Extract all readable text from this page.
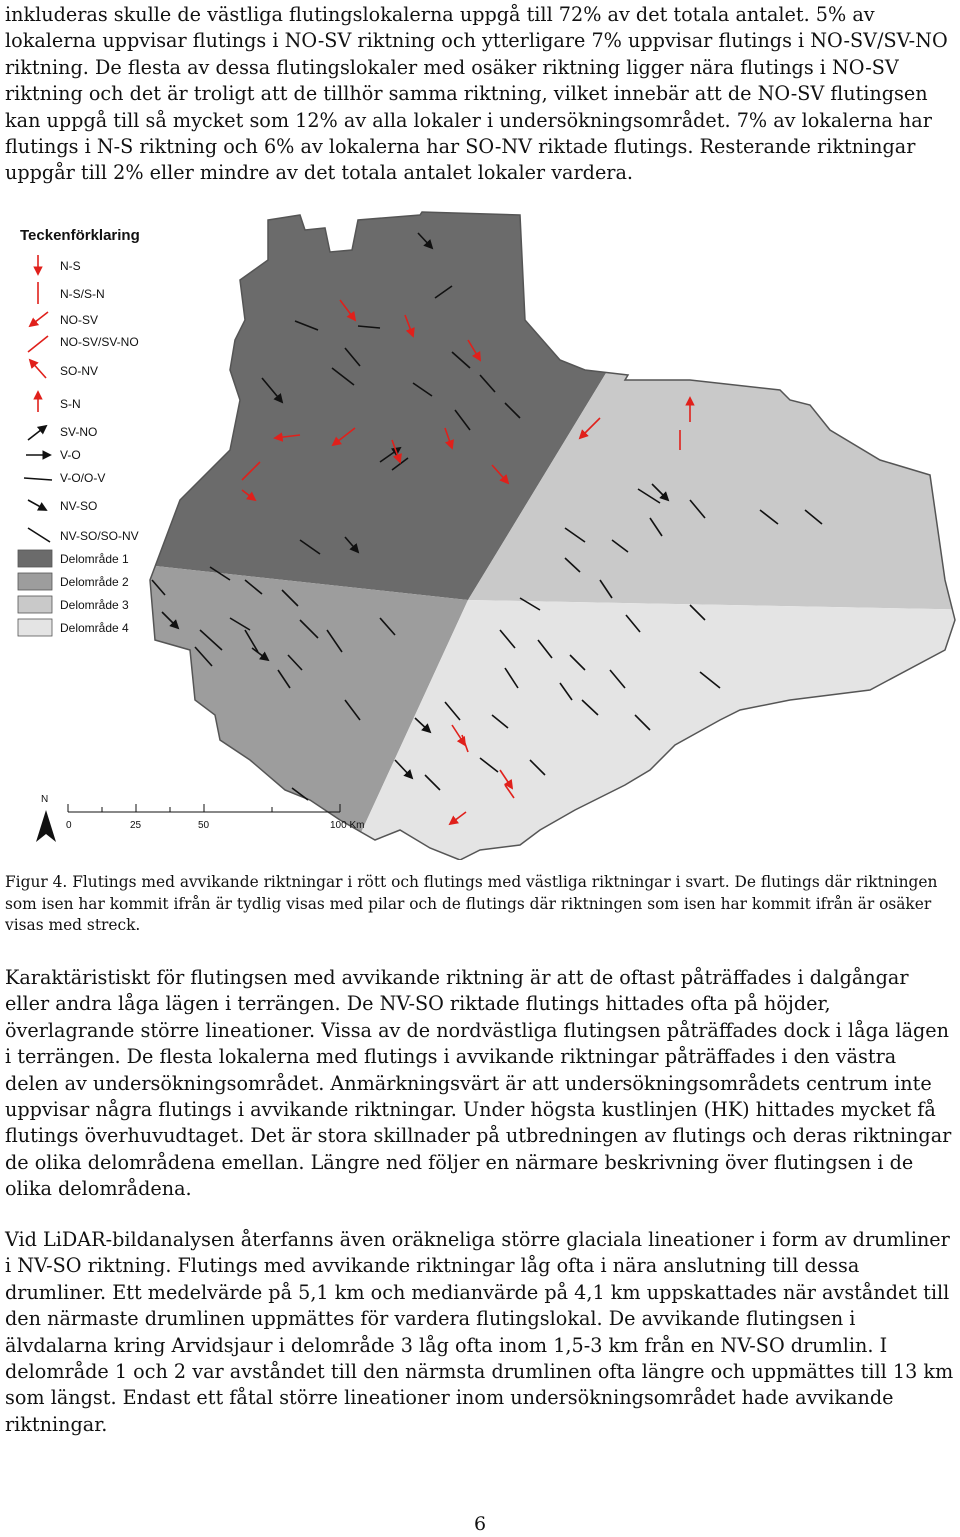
inkluderas skulle de västliga flutingslokalerna uppgå till 72% av det totala antalet. 5% av lokalerna uppvisar flutings i NO-SV riktning och ytterligare 7% uppvisar flutings i NO-SV/SV-NO riktning. De flesta av dessa flutingslokaler med osäker riktning ligger nära flutings i NO-SV riktning och det är troligt att de tillhör samma riktning, vilket innebär att de NO-SV flutingsen kan uppgå till så mycket som 12% av alla lokaler i undersökningsområdet. 7% av lokalerna har flutings i N-S riktning och 6% av lokalerna har SO-NV riktade flutings. Resterande riktningar uppgår till 2% eller mindre av det totala antalet lokaler vardera.

Teckenförklaring
N-S
N-S/S-N
NO-SV
NO-SV/SV-NO
SO-NV
S-N
SV-NO
V-O
V-O/O-V
NV-SO
NV-SO/SO-NV
Delområde 1
Delområde 2
Delområde 3
Delområde 4
N
0	25	50	100 Km

Figur 4. Flutings med avvikande riktningar i rött och flutings med västliga riktningar i svart. De flutings där riktningen som isen har kommit ifrån är tydlig visas med pilar och de flutings där riktningen som isen har kommit ifrån är osäker visas med streck.

Karaktäristiskt för flutingsen med avvikande riktning är att de oftast påträffades i dalgångar eller andra låga lägen i terrängen. De NV-SO riktade flutings hittades ofta på höjder, överlagrande större lineationer. Vissa av de nordvästliga flutingsen påträffades dock i låga lägen i terrängen. De flesta lokalerna med flutings i avvikande riktningar påträffades i den västra delen av undersökningsområdet. Anmärkningsvärt är att undersökningsområdets centrum inte uppvisar några flutings i avvikande riktningar. Under högsta kustlinjen (HK) hittades mycket få flutings överhuvudtaget. Det är stora skillnader på utbredningen av flutings och deras riktningar de olika delområdena emellan. Längre ned följer en närmare beskrivning över flutingsen i de olika delområdena.

Vid LiDAR-bildanalysen återfanns även oräkneliga större glaciala lineationer i form av drumliner i NV-SO riktning. Flutings med avvikande riktningar låg ofta i nära anslutning till dessa drumliner. Ett medelvärde på 5,1 km och medianvärde på 4,1 km uppskattades när avståndet till den närmaste drumlinen uppmättes för vardera flutingslokal. De avvikande flutingsen i älvdalarna kring Arvidsjaur i delområde 3 låg ofta inom 1,5-3 km från en NV-SO drumlin. I delområde 1 och 2 var avståndet till den närmsta drumlinen ofta längre och uppmättes till 13 km som längst. Endast ett fåtal större lineationer inom undersökningsområdet hade avvikande riktningar.

6
